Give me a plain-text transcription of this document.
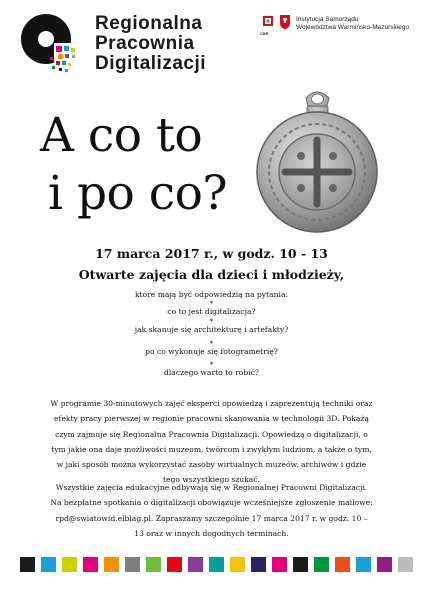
Regionalna
Pracownia
Digitalizacji
CBR
Instytucja Samorządu
Województwa Warmińsko-Mazurskiego
A co to
i po co?
17 marca 2017 r., w godz. 10 - 13
Otwarte zajęcia dla dzieci i młodzieży,
które mają być odpowiedzią na pytania:
*
co to jest digitalizacja?
*
jak skanuje się architekturę i artefakty?
*
po co wykonuje się fotogrametrię?
*
dlaczego warto to robić?
W programie 30-minutowych zajęć eksperci opowiedzą i zaprezentują techniki oraz efekty pracy pierwszej w regionie pracowni skanowania w technologii 3D. Pokażą czym zajmuje się Regionalna Pracownia Digitalizacji. Opowiedzą o digitalizacji, o tym jakie ona daje możliwości muzeom, twórcom i zwykłym ludziom, a także o tym, w jaki sposób można wykorzystać zasoby wirtualnych muzeów, archiwów i gdzie tego wszystkiego szukać.
Wszystkie zajęcia edukacyjne odbywają się w Regionalnej Pracowni Digitalizacji. Na bezpłatne spotkania o digitalizacji obowiązuje wcześniejsze zgłoszenie mailowe: rpd@swiatowid.elblag.pl. Zapraszamy szczególnie 17 marca 2017 r. w godz. 10 – 13 oraz w innych dogodnych terminach.
